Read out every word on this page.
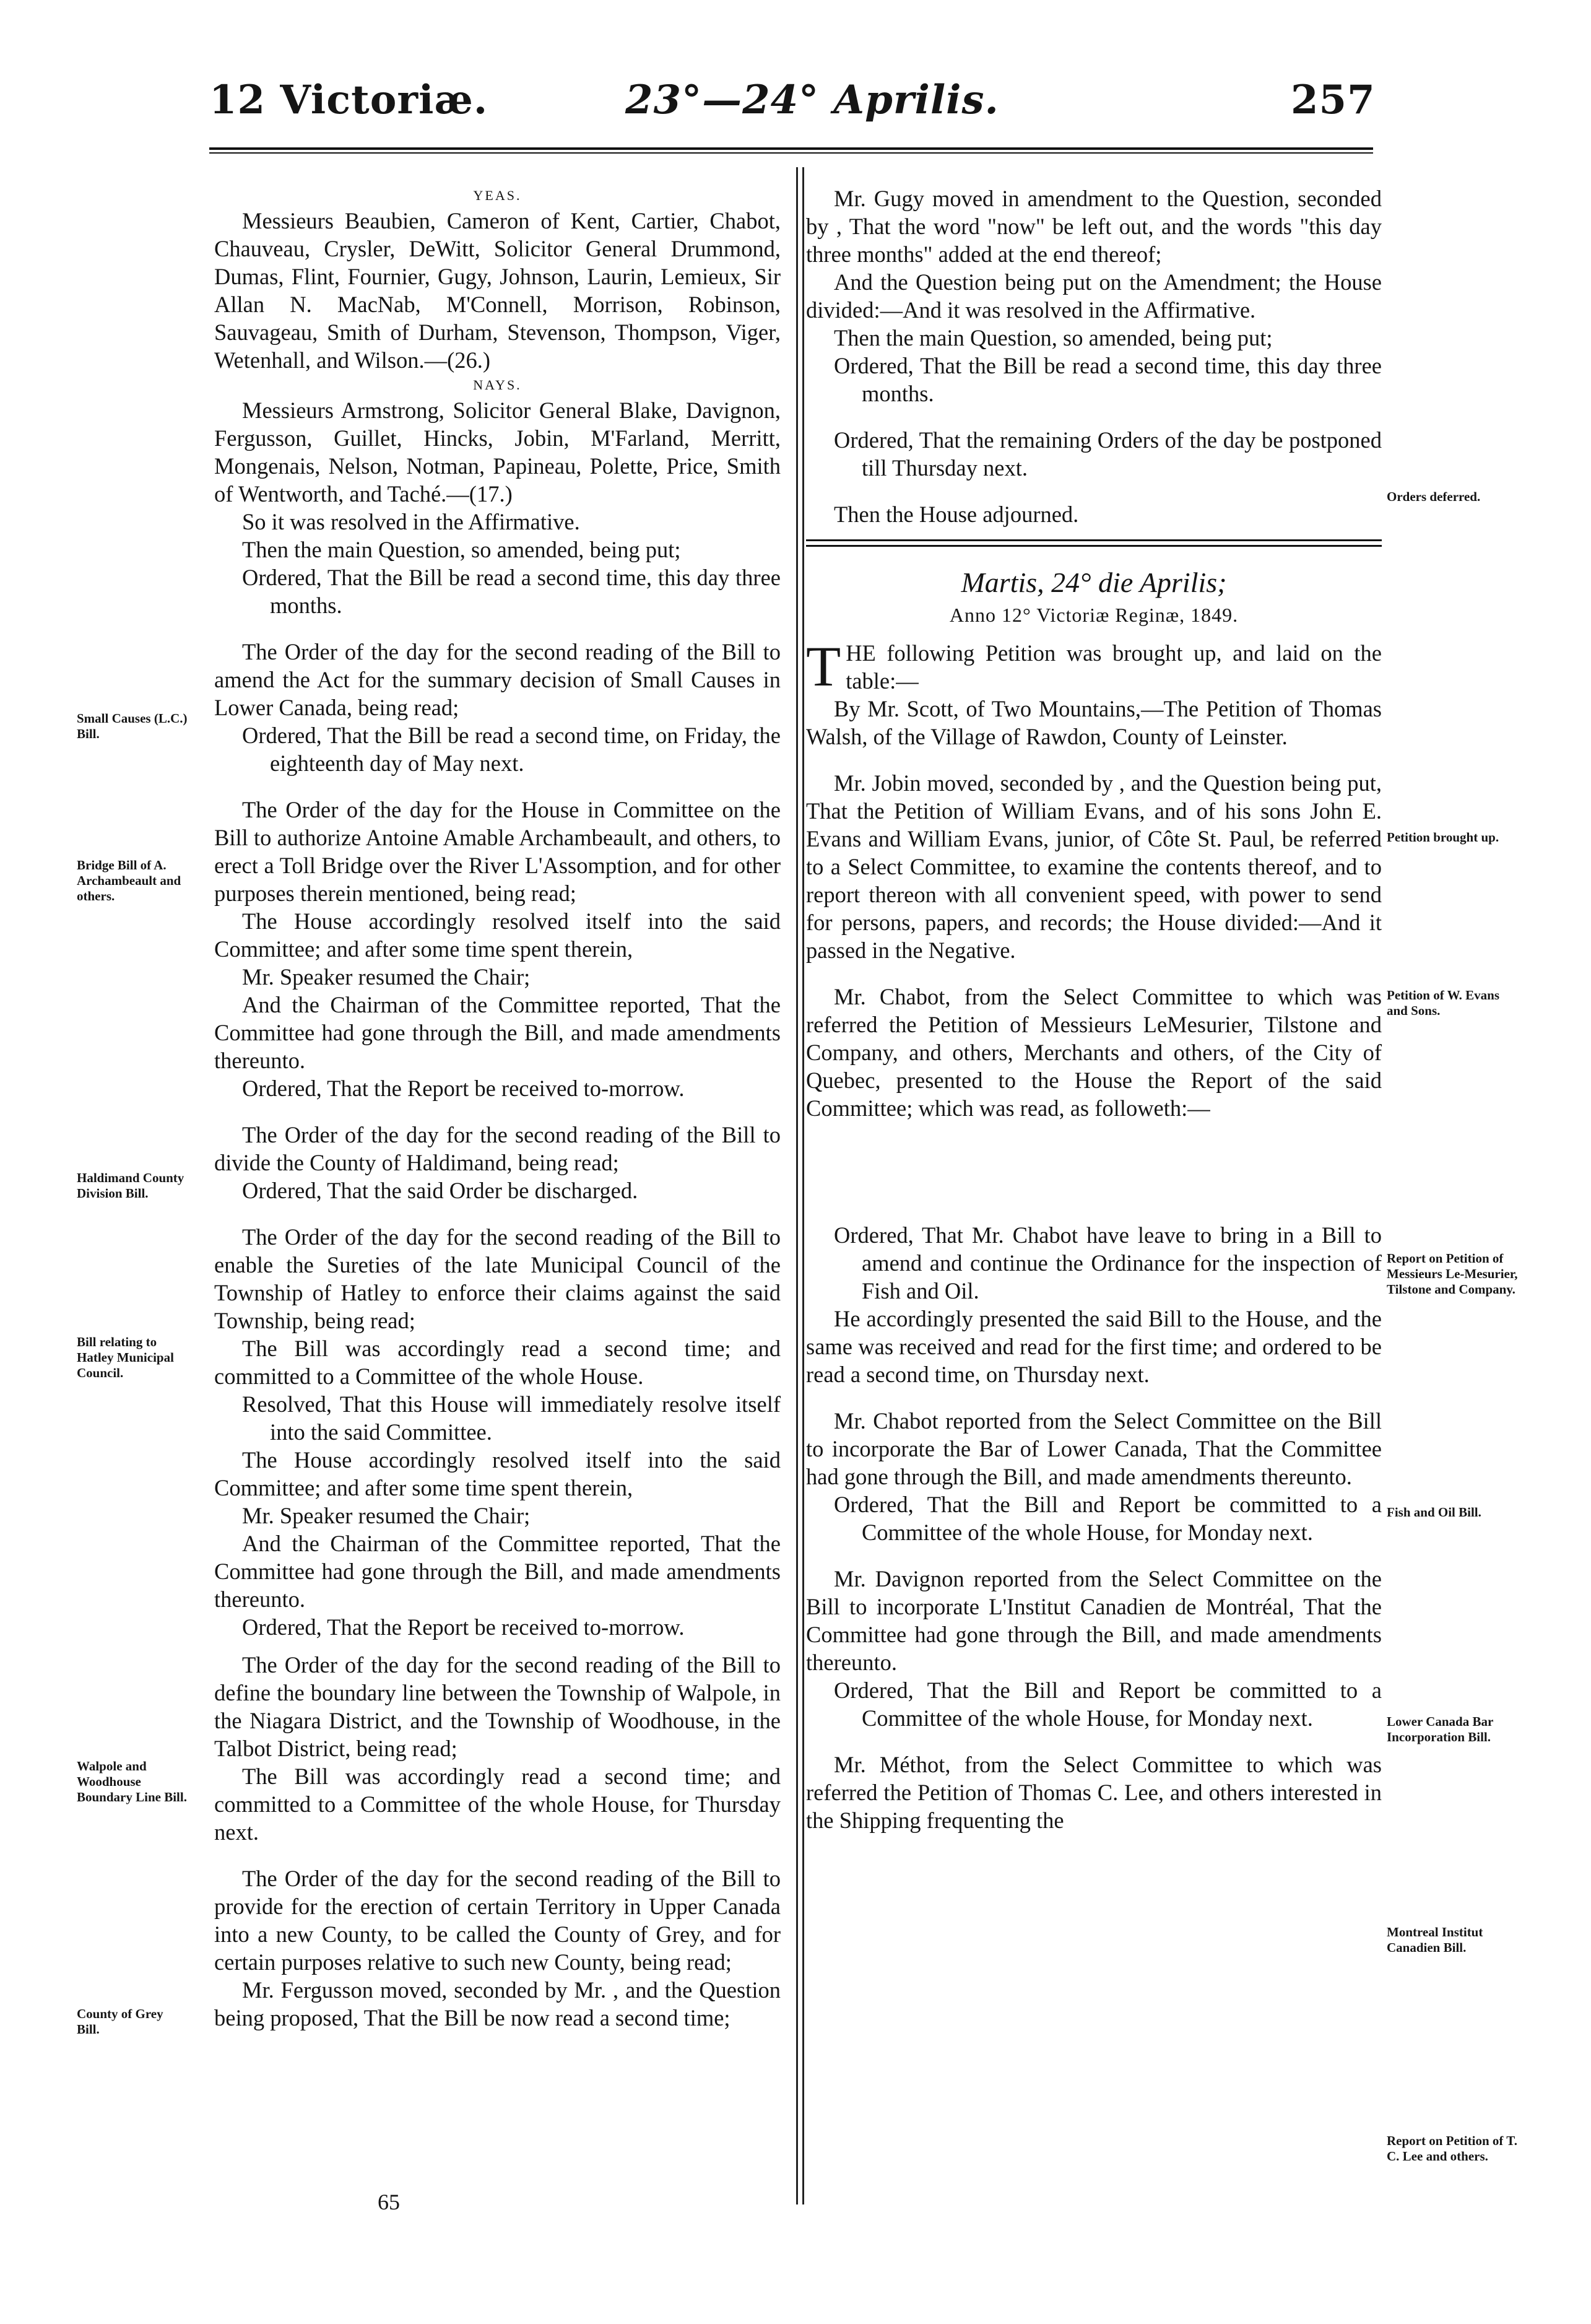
12 Victoriæ.	23°—24° Aprilis.	257

YEAS.

Messieurs Beaubien, Cameron of Kent, Cartier, Chabot, Chauveau, Crysler, DeWitt, Solicitor General Drummond, Dumas, Flint, Fournier, Gugy, Johnson, Laurin, Lemieux, Sir Allan N. MacNab, M'Connell, Morrison, Robinson, Sauvageau, Smith of Durham, Stevenson, Thompson, Viger, Wetenhall, and Wilson.—(26.)

NAYS.

Messieurs Armstrong, Solicitor General Blake, Davignon, Fergusson, Guillet, Hincks, Jobin, M'Farland, Merritt, Mongenais, Nelson, Notman, Papineau, Polette, Price, Smith of Wentworth, and Taché.—(17.)

So it was resolved in the Affirmative.

Then the main Question, so amended, being put;

Ordered, That the Bill be read a second time, this day three months.

The Order of the day for the second reading of the Bill to amend the Act for the summary decision of Small Causes in Lower Canada, being read;

Ordered, That the Bill be read a second time, on Friday, the eighteenth day of May next.

The Order of the day for the House in Committee on the Bill to authorize Antoine Amable Archambeault, and others, to erect a Toll Bridge over the River L'Assomption, and for other purposes therein mentioned, being read;

The House accordingly resolved itself into the said Committee; and after some time spent therein,

Mr. Speaker resumed the Chair;

And the Chairman of the Committee reported, That the Committee had gone through the Bill, and made amendments thereunto.

Ordered, That the Report be received to-morrow.

The Order of the day for the second reading of the Bill to divide the County of Haldimand, being read;

Ordered, That the said Order be discharged.

The Order of the day for the second reading of the Bill to enable the Sureties of the late Municipal Council of the Township of Hatley to enforce their claims against the said Township, being read;

The Bill was accordingly read a second time; and committed to a Committee of the whole House.

Resolved, That this House will immediately resolve itself into the said Committee.

The House accordingly resolved itself into the said Committee; and after some time spent therein,

Mr. Speaker resumed the Chair;

And the Chairman of the Committee reported, That the Committee had gone through the Bill, and made amendments thereunto.

Ordered, That the Report be received to-morrow.

The Order of the day for the second reading of the Bill to define the boundary line between the Township of Walpole, in the Niagara District, and the Township of Woodhouse, in the Talbot District, being read;

The Bill was accordingly read a second time; and committed to a Committee of the whole House, for Thursday next.

The Order of the day for the second reading of the Bill to provide for the erection of certain Territory in Upper Canada into a new County, to be called the County of Grey, and for certain purposes relative to such new County, being read;

Mr. Fergusson moved, seconded by Mr. , and the Question being proposed, That the Bill be now read a second time;

65

Mr. Gugy moved in amendment to the Question, seconded by , That the word "now" be left out, and the words "this day three months" added at the end thereof;

And the Question being put on the Amendment; the House divided:—And it was resolved in the Affirmative.

Then the main Question, so amended, being put;

Ordered, That the Bill be read a second time, this day three months.

Ordered, That the remaining Orders of the day be postponed till Thursday next.

Then the House adjourned.

Martis, 24° die Aprilis;

Anno 12° Victoriæ Reginæ, 1849.

THE following Petition was brought up, and laid on the table:—

By Mr. Scott, of Two Mountains,—The Petition of Thomas Walsh, of the Village of Rawdon, County of Leinster.

Mr. Jobin moved, seconded by , and the Question being put, That the Petition of William Evans, and of his sons John E. Evans and William Evans, junior, of Côte St. Paul, be referred to a Select Committee, to examine the contents thereof, and to report thereon with all convenient speed, with power to send for persons, papers, and records; the House divided:—And it passed in the Negative.

Mr. Chabot, from the Select Committee to which was referred the Petition of Messieurs LeMesurier, Tilstone and Company, and others, Merchants and others, of the City of Quebec, presented to the House the Report of the said Committee; which was read, as followeth:—

Ordered, That Mr. Chabot have leave to bring in a Bill to amend and continue the Ordinance for the inspection of Fish and Oil.

He accordingly presented the said Bill to the House, and the same was received and read for the first time; and ordered to be read a second time, on Thursday next.

Mr. Chabot reported from the Select Committee on the Bill to incorporate the Bar of Lower Canada, That the Committee had gone through the Bill, and made amendments thereunto.

Ordered, That the Bill and Report be committed to a Committee of the whole House, for Monday next.

Mr. Davignon reported from the Select Committee on the Bill to incorporate L'Institut Canadien de Montréal, That the Committee had gone through the Bill, and made amendments thereunto.

Ordered, That the Bill and Report be committed to a Committee of the whole House, for Monday next.

Mr. Méthot, from the Select Committee to which was referred the Petition of Thomas C. Lee, and others interested in the Shipping frequenting the

Small Causes (L.C.) Bill.
Bridge Bill of A. Archambeault and others.
Haldimand County Division Bill.
Bill relating to Hatley Municipal Council.
Walpole and Woodhouse Boundary Line Bill.
County of Grey Bill.
Orders deferred.
Petition brought up.
Petition of W. Evans and Sons.
Report on Petition of Messieurs Le-Mesurier, Tilstone and Company.
Fish and Oil Bill.
Lower Canada Bar Incorporation Bill.
Montreal Institut Canadien Bill.
Report on Petition of T. C. Lee and others.
